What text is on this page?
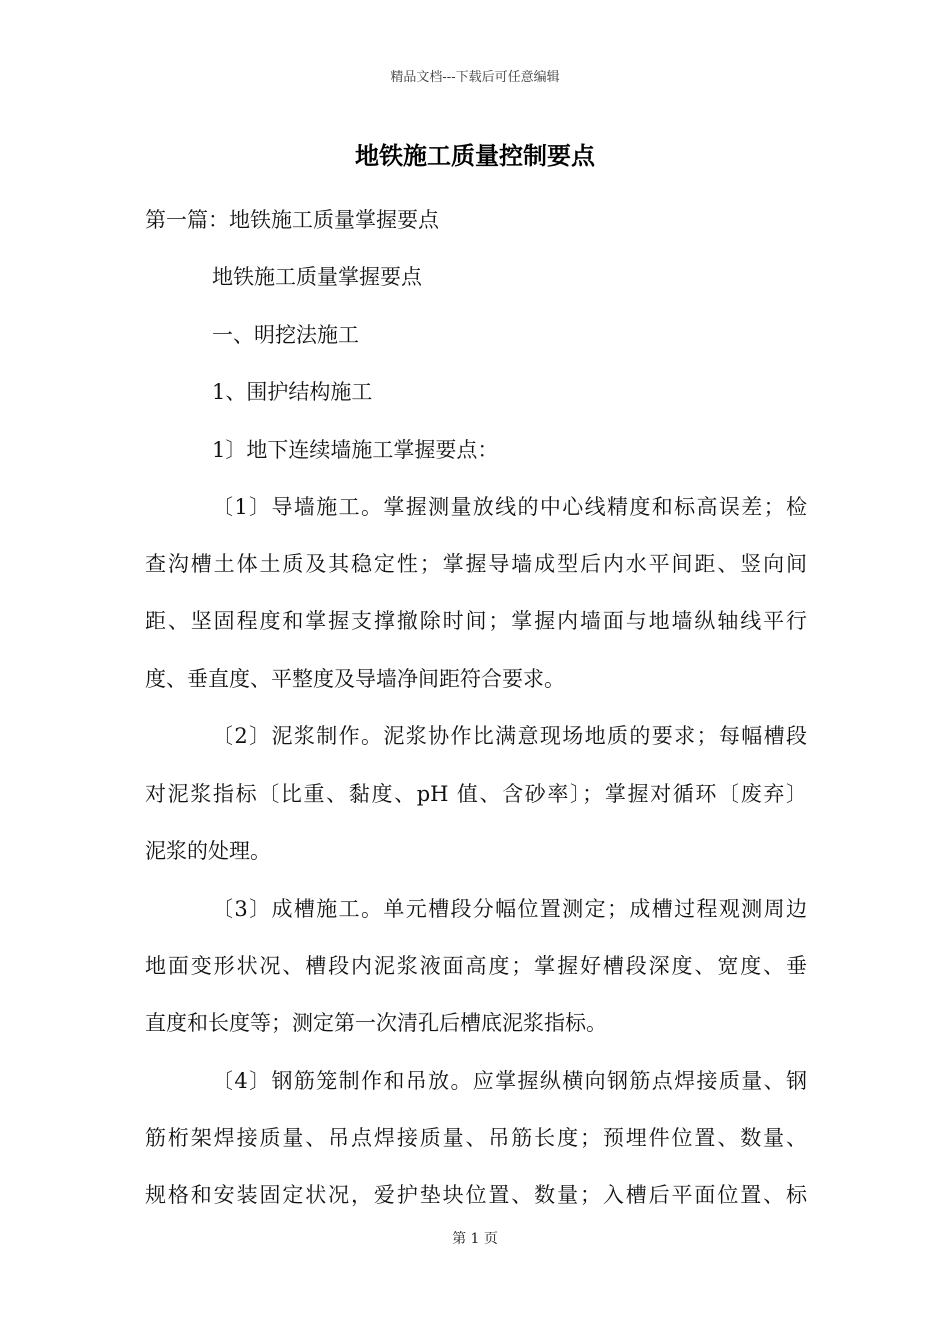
精品文档---下载后可任意编辑
地铁施工质量控制要点
第一篇：地铁施工质量掌握要点
地铁施工质量掌握要点
一、明挖法施工
1、围护结构施工
1〕地下连续墙施工掌握要点：
〔1〕导墙施工。掌握测量放线的中心线精度和标高误差；检
查沟槽土体土质及其稳定性；掌握导墙成型后内水平间距、竖向间
距、坚固程度和掌握支撑撤除时间；掌握内墙面与地墙纵轴线平行
度、垂直度、平整度及导墙净间距符合要求。
〔2〕泥浆制作。泥浆协作比满意现场地质的要求；每幅槽段
对泥浆指标〔比重、黏度、pH 值、含砂率〕；掌握对循环〔废弃〕
泥浆的处理。
〔3〕成槽施工。单元槽段分幅位置测定；成槽过程观测周边
地面变形状况、槽段内泥浆液面高度；掌握好槽段深度、宽度、垂
直度和长度等；测定第一次清孔后槽底泥浆指标。
〔4〕钢筋笼制作和吊放。应掌握纵横向钢筋点焊接质量、钢
筋桁架焊接质量、吊点焊接质量、吊筋长度；预埋件位置、数量、
规格和安装固定状况，爱护垫块位置、数量；入槽后平面位置、标
第 1 页
